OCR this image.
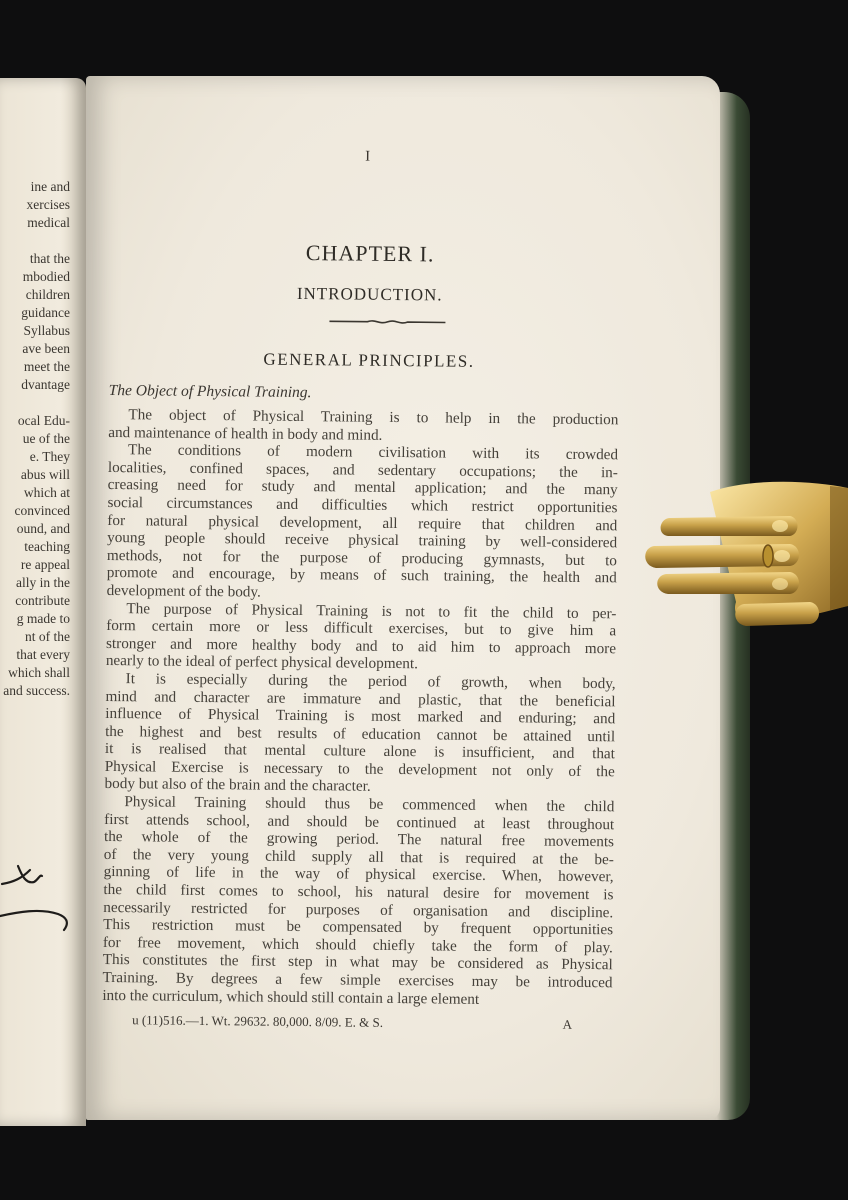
ine and
xercises
medical
that the
mbodied
children
guidance
Syllabus
ave been
meet the
dvantage
ocal Edu-
ue of the
e. They
abus will
which at
convinced
ound, and
teaching
re appeal
ally in the
contribute
g made to
nt of the
that every
which shall
and success.
I
CHAPTER I.
INTRODUCTION.
GENERAL PRINCIPLES.
The Object of Physical Training.
The object of Physical Training is to help in the production
and maintenance of health in body and mind.
The conditions of modern civilisation with its crowded
localities, confined spaces, and sedentary occupations; the in-
creasing need for study and mental application; and the many
social circumstances and difficulties which restrict opportunities
for natural physical development, all require that children and
young people should receive physical training by well-considered
methods, not for the purpose of producing gymnasts, but to
promote and encourage, by means of such training, the health and
development of the body.
The purpose of Physical Training is not to fit the child to per-
form certain more or less difficult exercises, but to give him a
stronger and more healthy body and to aid him to approach more
nearly to the ideal of perfect physical development.
It is especially during the period of growth, when body,
mind and character are immature and plastic, that the beneficial
influence of Physical Training is most marked and enduring; and
the highest and best results of education cannot be attained until
it is realised that mental culture alone is insufficient, and that
Physical Exercise is necessary to the development not only of the
body but also of the brain and the character.
Physical Training should thus be commenced when the child
first attends school, and should be continued at least throughout
the whole of the growing period. The natural free movements
of the very young child supply all that is required at the be-
ginning of life in the way of physical exercise. When, however,
the child first comes to school, his natural desire for movement is
necessarily restricted for purposes of organisation and discipline.
This restriction must be compensated by frequent opportunities
for free movement, which should chiefly take the form of play.
This constitutes the first step in what may be considered as Physical
Training. By degrees a few simple exercises may be introduced
into the curriculum, which should still contain a large element
u (11)516.—1. Wt. 29632. 80,000. 8/09. E. & S.	A
